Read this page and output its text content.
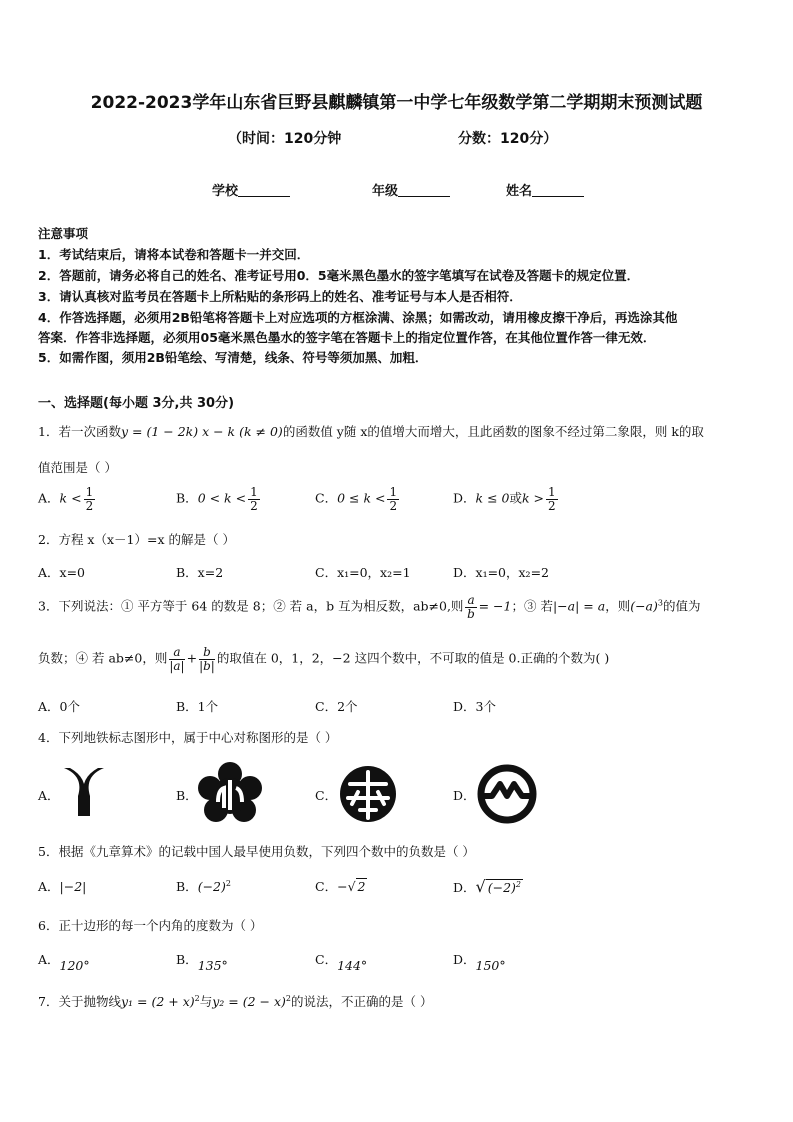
2022-2023学年山东省巨野县麒麟镇第一中学七年级数学第二学期期末预测试题
（时间：120分钟	分数：120分）
学校	年级	姓名
注意事项
1．考试结束后，请将本试卷和答题卡一并交回．
2．答题前，请务必将自己的姓名、准考证号用0．5毫米黑色墨水的签字笔填写在试卷及答题卡的规定位置．
3．请认真核对监考员在答题卡上所粘贴的条形码上的姓名、准考证号与本人是否相符．
4．作答选择题，必须用2B铅笔将答题卡上对应选项的方框涂满、涂黑；如需改动，请用橡皮擦干净后，再选涂其他
答案．作答非选择题，必须用05毫米黑色墨水的签字笔在答题卡上的指定位置作答，在其他位置作答一律无效．
5．如需作图，须用2B铅笔绘、写清楚，线条、符号等须加黑、加粗．
一、选择题(每小题 3分,共 30分)
1．若一次函数y = (1 − 2k) x − k (k ≠ 0)的函数值 y随 x的值增大而增大，且此函数的图象不经过第二象限，则 k的取
值范围是（ ）
A．$k < \frac{1}{2}$	B．$0 < k < \frac{1}{2}$	C．$0 \le k < \frac{1}{2}$	D．k ≤ 0或$k > \frac{1}{2}$
2．方程 x（x－1）=x 的解是（ ）
A．x=0	B．x=2	C．x₁=0，x₂=1	D．x₁=0，x₂=2
3．下列说法：① 平方等于 64 的数是 8；② 若 a，b 互为相反数，ab≠0,则 $\frac{a}{b} = -1$；③ 若|−a| = a，则$(-a)^3$的值为
负数；④ 若 ab≠0，则 $\frac{a}{|a|} + \frac{b}{|b|}$ 的取值在 0，1，2，−2 这四个数中，不可取的值是 0.正确的个数为( )
A．0个	B．1个	C．2个	D．3个
4．下列地铁标志图形中，属于中心对称图形的是（ ）
A．	B．	C．	D．
5．根据《九章算术》的记载中国人最早使用负数，下列四个数中的负数是（ ）
A．|−2|	B．$(-2)^2$	C．−√ 2	D．√ $(-2)^2$
6．正十边形的每一个内角的度数为（ ）
A．120°	B．135°	C．144°	D．150°
7．关于抛物线$y_1 = (2 + x)^2$与$y_2 = (2 - x)^2$的说法，不正确的是（ ）
